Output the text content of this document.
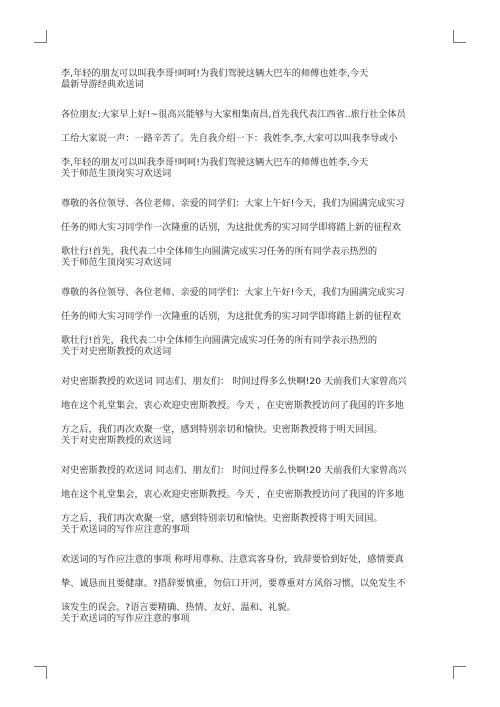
李,年轻的朋友可以叫我李哥!呵呵!为我们驾驶这辆大巴车的师傅也姓李,今天
最新导游经典欢送词
各位朋友:大家早上好!~很高兴能够与大家相集南昌,首先我代表江西省..旅行社全体员
工给大家说一声：一路辛苦了。先自我介绍一下：我姓李,李,大家可以叫我李导或小
李,年轻的朋友可以叫我李哥!呵呵!为我们驾驶这辆大巴车的师傅也姓李,今天
关于师范生顶岗实习欢送词
尊敬的各位领导、各位老师、亲爱的同学们：大家上午好!今天，我们为圆满完成实习
任务的师大实习同学作一次隆重的话别，为这批优秀的实习同学即将踏上新的征程欢
歌壮行!首先，我代表二中全体师生向圆满完成实习任务的所有同学表示热烈的
关于师范生顶岗实习欢送词
尊敬的各位领导、各位老师、亲爱的同学们：大家上午好!今天，我们为圆满完成实习
任务的师大实习同学作一次隆重的话别，为这批优秀的实习同学即将踏上新的征程欢
歌壮行!首先，我代表二中全体师生向圆满完成实习任务的所有同学表示热烈的
关于对史密斯教授的欢送词
对史密斯教授的欢送词 同志们、朋友们： 时间过得多么快啊!20 天前我们大家曾高兴
地在这个礼堂集会，衷心欢迎史密斯教授。今天 ，在史密斯教授访问了我国的许多地
方之后，我们再次欢聚一堂，感到特别亲切和愉快。史密斯教授将于明天回国。
关于对史密斯教授的欢送词
对史密斯教授的欢送词 同志们、朋友们： 时间过得多么快啊!20 天前我们大家曾高兴
地在这个礼堂集会，衷心欢迎史密斯教授。今天 ，在史密斯教授访问了我国的许多地
方之后，我们再次欢聚一堂，感到特别亲切和愉快。史密斯教授将于明天回国。
关于欢送词的写作应注意的事项
欢送词的写作应注意的事项 称呼用尊称、注意宾客身份，致辞要恰到好处，感情要真
挚、诚恳而且要健康。?措辞要慎重，勿信口开河，要尊重对方风俗习惯，以免发生不
该发生的误会。?语言要精确、热情、友好、温和、礼貌。
关于欢送词的写作应注意的事项
